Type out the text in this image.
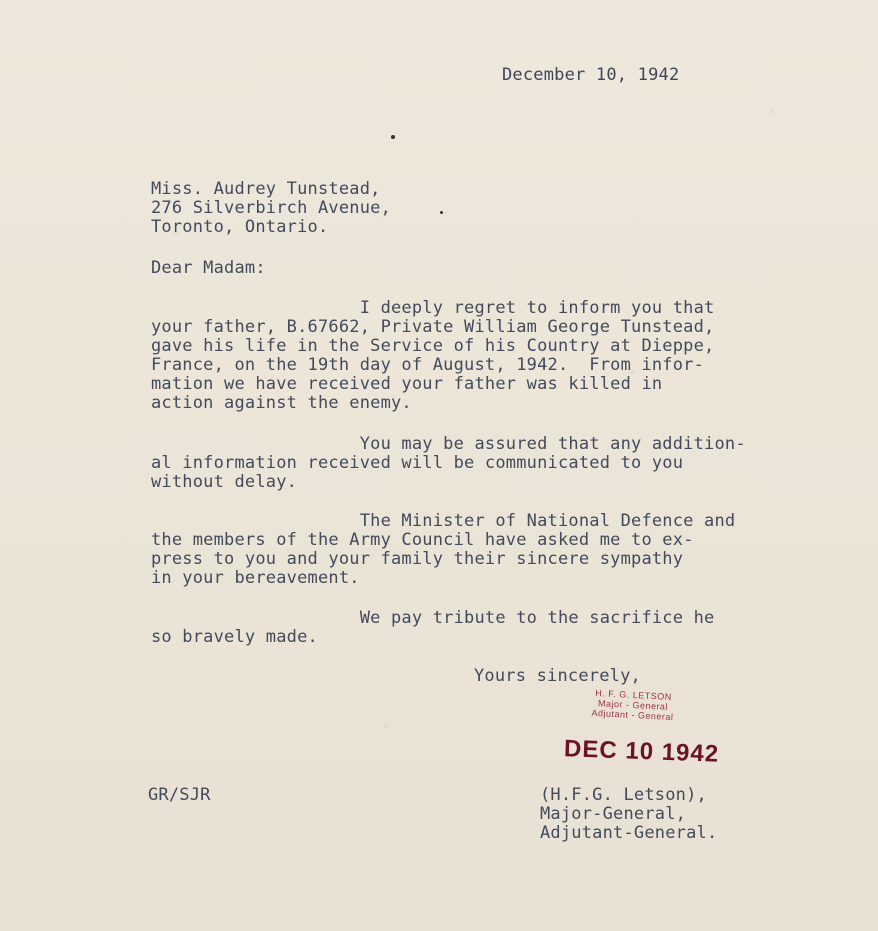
December 10, 1942

Miss. Audrey Tunstead,
276 Silverbirch Avenue,
Toronto, Ontario.

Dear Madam:

I deeply regret to inform you that
your father, B.67662, Private William George Tunstead,
gave his life in the Service of his Country at Dieppe,
France, on the 19th day of August, 1942.  From infor-
mation we have received your father was killed in
action against the enemy.

You may be assured that any addition-
al information received will be communicated to you
without delay.

The Minister of National Defence and
the members of the Army Council have asked me to ex-
press to you and your family their sincere sympathy
in your bereavement.

We pay tribute to the sacrifice he
so bravely made.

Yours sincerely,

H. F. G. LETSON
Major - General
Adjutant - General
DEC 10 1942

GR/SJR	(H.F.G. Letson),
Major-General,
Adjutant-General.
